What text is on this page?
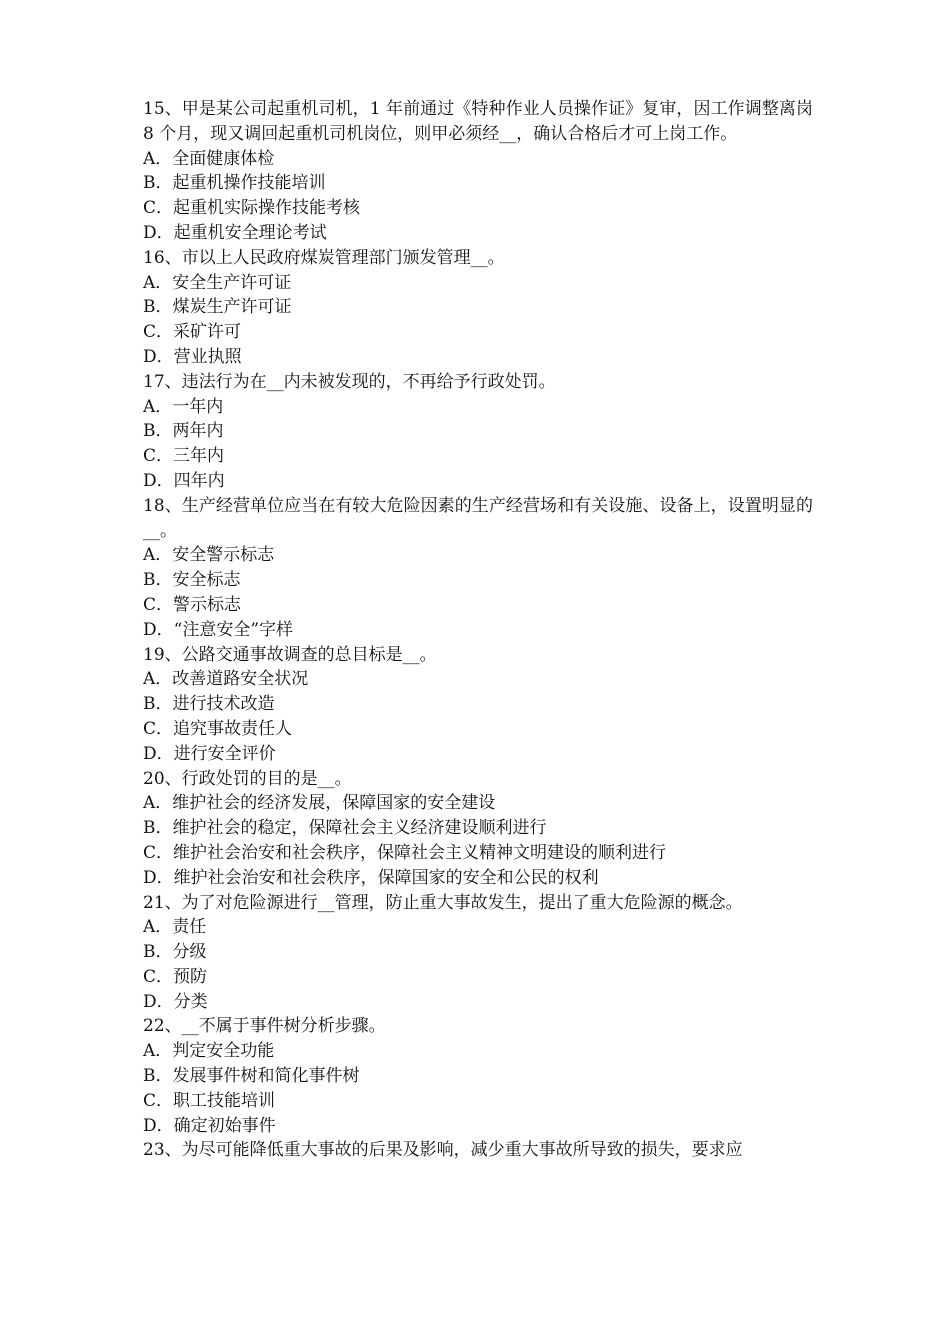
15、甲是某公司起重机司机，1 年前通过《特种作业人员操作证》复审，因工作调整离岗 8 个月，现又调回起重机司机岗位，则甲必须经__，确认合格后才可上岗工作。
A．全面健康体检
B．起重机操作技能培训
C．起重机实际操作技能考核
D．起重机安全理论考试
16、市以上人民政府煤炭管理部门颁发管理__。
A．安全生产许可证
B．煤炭生产许可证
C．采矿许可
D．营业执照
17、违法行为在__内未被发现的，不再给予行政处罚。
A．一年内
B．两年内
C．三年内
D．四年内
18、生产经营单位应当在有较大危险因素的生产经营场和有关设施、设备上，设置明显的__。
A．安全警示标志
B．安全标志
C．警示标志
D．“注意安全”字样
19、公路交通事故调查的总目标是__。
A．改善道路安全状况
B．进行技术改造
C．追究事故责任人
D．进行安全评价
20、行政处罚的目的是__。
A．维护社会的经济发展，保障国家的安全建设
B．维护社会的稳定，保障社会主义经济建设顺利进行
C．维护社会治安和社会秩序，保障社会主义精神文明建设的顺利进行
D．维护社会治安和社会秩序，保障国家的安全和公民的权利
21、为了对危险源进行__管理，防止重大事故发生，提出了重大危险源的概念。
A．责任
B．分级
C．预防
D．分类
22、__不属于事件树分析步骤。
A．判定安全功能
B．发展事件树和简化事件树
C．职工技能培训
D．确定初始事件
23、为尽可能降低重大事故的后果及影响，减少重大事故所导致的损失，要求应
